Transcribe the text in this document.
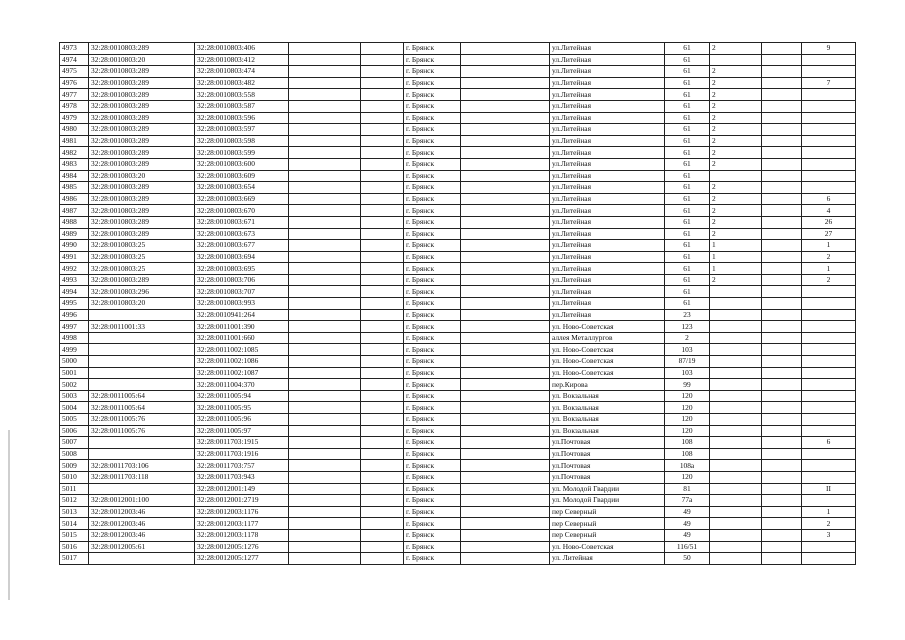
4973	32:28:0010803:289	32:28:0010803:406			г. Брянск		ул.Литейная	61	2		9
4974	32:28:0010803:20	32:28:0010803:412			г. Брянск		ул.Литейная	61			
4975	32:28:0010803:289	32:28:0010803:474			г. Брянск		ул.Литейная	61	2		
4976	32:28:0010803:289	32:28:0010803:482			г. Брянск		ул.Литейная	61	2		7
4977	32:28:0010803:289	32:28:0010803:558			г. Брянск		ул.Литейная	61	2		
4978	32:28:0010803:289	32:28:0010803:587			г. Брянск		ул.Литейная	61	2		
4979	32:28:0010803:289	32:28:0010803:596			г. Брянск		ул.Литейная	61	2		
4980	32:28:0010803:289	32:28:0010803:597			г. Брянск		ул.Литейная	61	2		
4981	32:28:0010803:289	32:28:0010803:598			г. Брянск		ул.Литейная	61	2		
4982	32:28:0010803:289	32:28:0010803:599			г. Брянск		ул.Литейная	61	2		
4983	32:28:0010803:289	32:28:0010803:600			г. Брянск		ул.Литейная	61	2		
4984	32:28:0010803:20	32:28:0010803:609			г. Брянск		ул.Литейная	61			
4985	32:28:0010803:289	32:28:0010803:654			г. Брянск		ул.Литейная	61	2		
4986	32:28:0010803:289	32:28:0010803:669			г. Брянск		ул.Литейная	61	2		6
4987	32:28:0010803:289	32:28:0010803:670			г. Брянск		ул.Литейная	61	2		4
4988	32:28:0010803:289	32:28:0010803:671			г. Брянск		ул.Литейная	61	2		26
4989	32:28:0010803:289	32:28:0010803:673			г. Брянск		ул.Литейная	61	2		27
4990	32:28:0010803:25	32:28:0010803:677			г. Брянск		ул.Литейная	61	1		1
4991	32:28:0010803:25	32:28:0010803:694			г. Брянск		ул.Литейная	61	1		2
4992	32:28:0010803:25	32:28:0010803:695			г. Брянск		ул.Литейная	61	1		1
4993	32:28:0010803:289	32:28:0010803:706			г. Брянск		ул.Литейная	61	2		2
4994	32:28:0010803:296	32:28:0010803:707			г. Брянск		ул.Литейная	61			
4995	32:28:0010803:20	32:28:0010803:993			г. Брянск		ул.Литейная	61			
4996		32:28:0010941:264			г. Брянск		ул.Литейная	23			
4997	32:28:0011001:33	32:28:0011001:390			г. Брянск		ул. Ново-Советская	123			
4998		32:28:0011001:660			г. Брянск		аллея Металлургов	2			
4999		32:28:0011002:1085			г. Брянск		ул. Ново-Советская	103			
5000		32:28:0011002:1086			г. Брянск		ул. Ново-Советская	87/19			
5001		32:28:0011002:1087			г. Брянск		ул. Ново-Советская	103			
5002		32:28:0011004:370			г. Брянск		пер.Кирова	99			
5003	32:28:0011005:64	32:28:0011005:94			г. Брянск		ул. Вокзальная	120			
5004	32:28:0011005:64	32:28:0011005:95			г. Брянск		ул. Вокзальная	120			
5005	32:28:0011005:76	32:28:0011005:96			г. Брянск		ул. Вокзальная	120			
5006	32:28:0011005:76	32:28:0011005:97			г. Брянск		ул. Вокзальная	120			
5007		32:28:0011703:1915			г. Брянск		ул.Почтовая	108			6
5008		32:28:0011703:1916			г. Брянск		ул.Почтовая	108			
5009	32:28:0011703:106	32:28:0011703:757			г. Брянск		ул.Почтовая	108а			
5010	32:28:0011703:118	32:28:0011703:943			г. Брянск		ул.Почтовая	120			
5011		32:28:0012001:149			г. Брянск		ул. Молодой Гвардии	81			II
5012	32:28:0012001:100	32:28:0012001:2719			г. Брянск		ул. Молодой Гвардии	77а			
5013	32:28:0012003:46	32:28:0012003:1176			г. Брянск		пер Северный	49			1
5014	32:28:0012003:46	32:28:0012003:1177			г. Брянск		пер Северный	49			2
5015	32:28:0012003:46	32:28:0012003:1178			г. Брянск		пер Северный	49			3
5016	32:28:0012005:61	32:28:0012005:1276			г. Брянск		ул. Ново-Советская	116/51			
5017		32:28:0012005:1277			г. Брянск		ул. Литейная	50			
